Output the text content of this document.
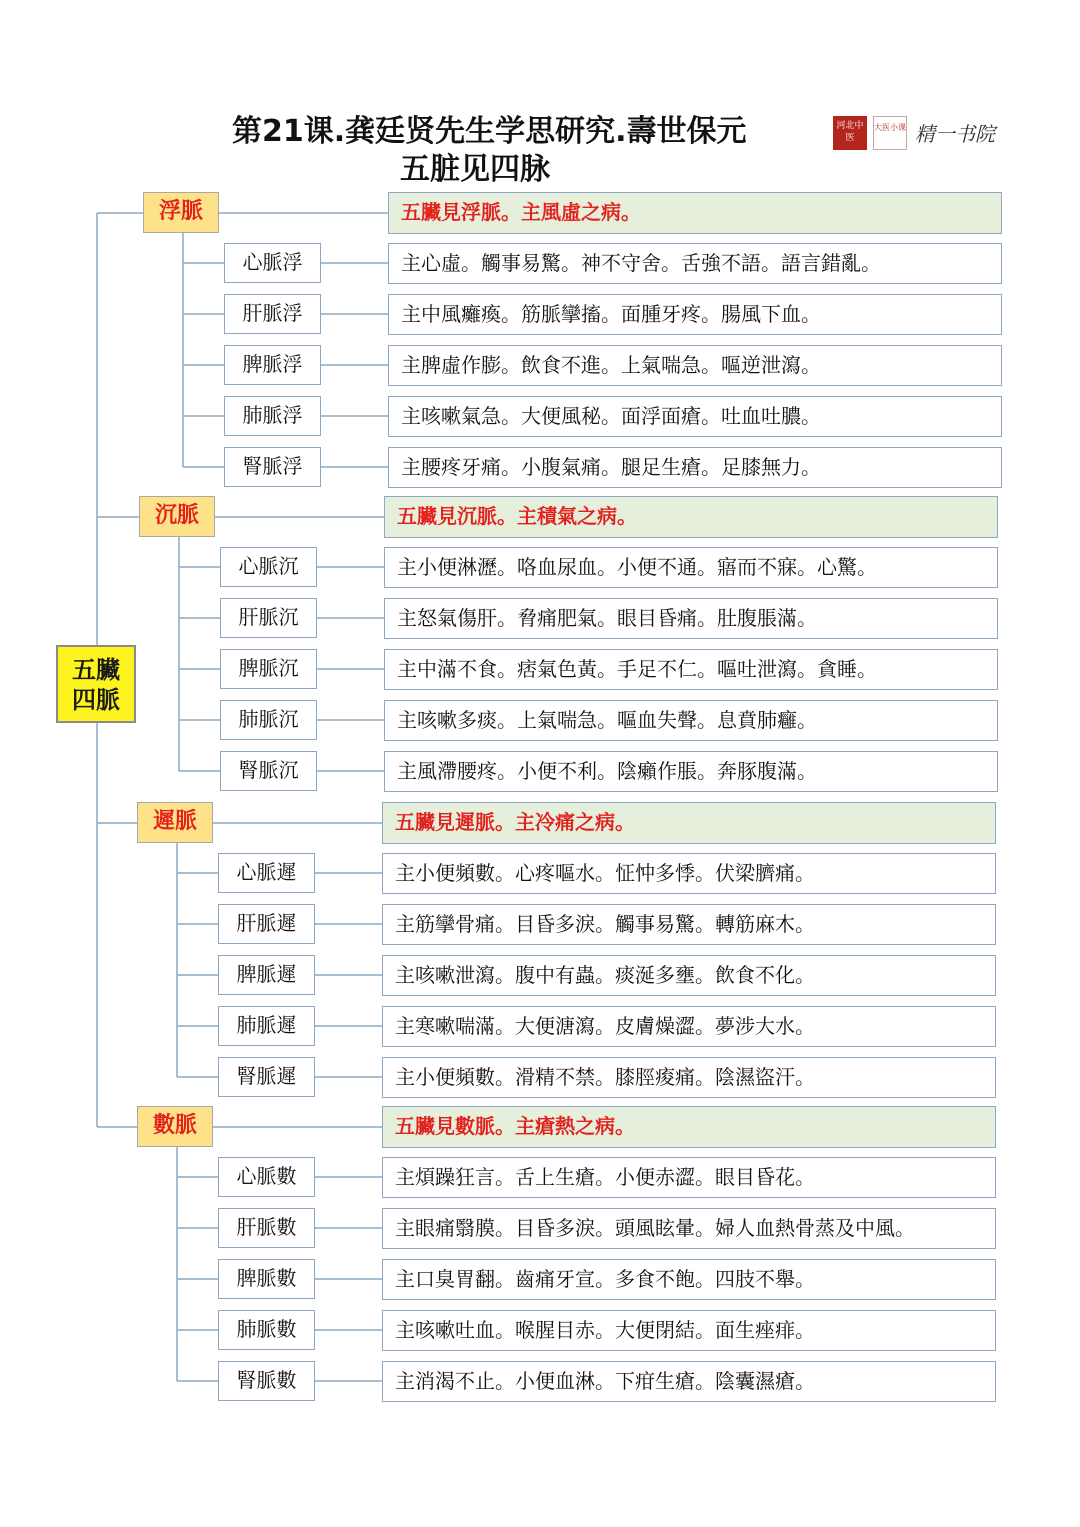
第21课.龚廷贤先生学思研究.壽世保元
五脏见四脉
河北中医
大医小课 精一书院
五臟
四脈
浮脈	五臟見浮脈。主風虛之病。
心脈浮	主心虛。觸事易驚。神不守舍。舌強不語。語言錯亂。
肝脈浮	主中風癱瘓。筋脈攣搐。面腫牙疼。腸風下血。
脾脈浮	主脾虛作膨。飲食不進。上氣喘急。嘔逆泄瀉。
肺脈浮	主咳嗽氣急。大便風秘。面浮面瘡。吐血吐膿。
腎脈浮	主腰疼牙痛。小腹氣痛。腿足生瘡。足膝無力。
沉脈	五臟見沉脈。主積氣之病。
心脈沉	主小便淋瀝。咯血尿血。小便不通。寤而不寐。心驚。
肝脈沉	主怒氣傷肝。脅痛肥氣。眼目昏痛。肚腹脹滿。
脾脈沉	主中滿不食。痞氣色黃。手足不仁。嘔吐泄瀉。貪睡。
肺脈沉	主咳嗽多痰。上氣喘急。嘔血失聲。息賁肺癰。
腎脈沉	主風滯腰疼。小便不利。陰癩作脹。奔豚腹滿。
遲脈	五臟見遲脈。主冷痛之病。
心脈遲	主小便頻數。心疼嘔水。怔忡多悸。伏梁臍痛。
肝脈遲	主筋攣骨痛。目昏多淚。觸事易驚。轉筋麻木。
脾脈遲	主咳嗽泄瀉。腹中有蟲。痰涎多壅。飲食不化。
肺脈遲	主寒嗽喘滿。大便溏瀉。皮膚燥澀。夢涉大水。
腎脈遲	主小便頻數。滑精不禁。膝脛痠痛。陰濕盜汗。
數脈	五臟見數脈。主瘡熱之病。
心脈數	主煩躁狂言。舌上生瘡。小便赤澀。眼目昏花。
肝脈數	主眼痛翳膜。目昏多淚。頭風眩暈。婦人血熱骨蒸及中風。
脾脈數	主口臭胃翻。齒痛牙宣。多食不飽。四肢不舉。
肺脈數	主咳嗽吐血。喉腥目赤。大便閉結。面生痤痱。
腎脈數	主消渴不止。小便血淋。下疳生瘡。陰囊濕瘡。
